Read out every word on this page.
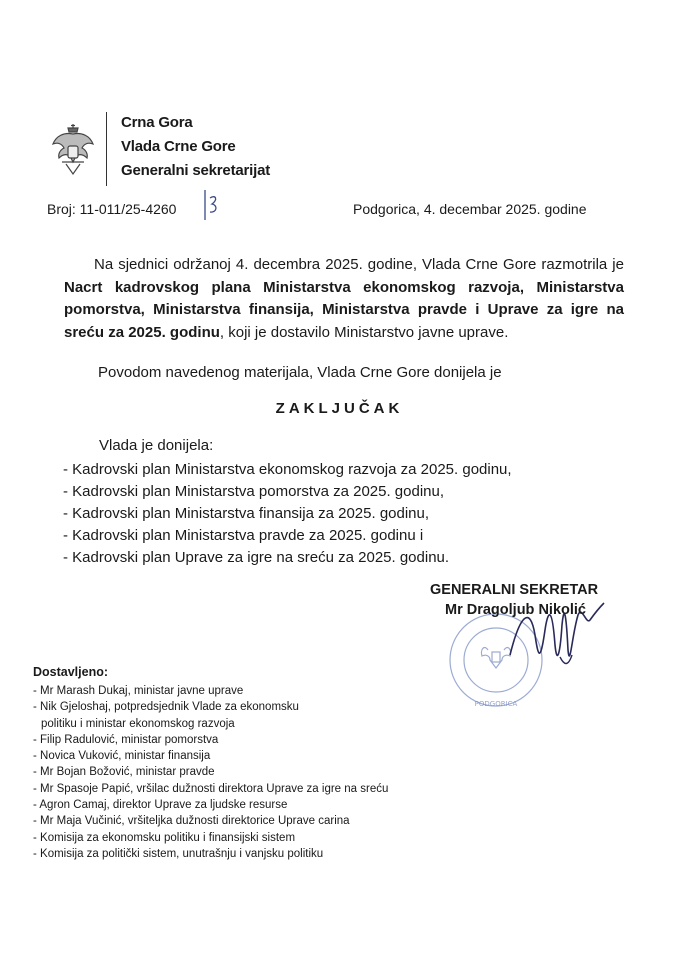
Crna Gora
Vlada Crne Gore
Generalni sekretarijat
Broj: 11-011/25-4260	Podgorica, 4. decembar 2025. godine
Na sjednici održanoj 4. decembra 2025. godine, Vlada Crne Gore razmotrila je Nacrt kadrovskog plana Ministarstva ekonomskog razvoja, Ministarstva pomorstva, Ministarstva finansija, Ministarstva pravde i Uprave za igre na sreću za 2025. godinu, koji je dostavilo Ministarstvo javne uprave.
Povodom navedenog materijala, Vlada Crne Gore donijela je
ZAKLJUČAK
Vlada je donijela:
- Kadrovski plan Ministarstva ekonomskog razvoja za 2025. godinu,
- Kadrovski plan Ministarstva pomorstva za 2025. godinu,
- Kadrovski plan Ministarstva finansija za 2025. godinu,
- Kadrovski plan Ministarstva pravde za 2025. godinu i
- Kadrovski plan Uprave za igre na sreću za 2025. godinu.
PODGORICA
GENERALNI SEKRETAR
Mr Dragoljub Nikolić
Dostavljeno:
- Mr Marash Dukaj, ministar javne uprave
- Nik Gjeloshaj, potpredsjednik Vlade za ekonomsku
politiku i ministar ekonomskog razvoja
- Filip Radulović, ministar pomorstva
- Novica Vuković, ministar finansija
- Mr Bojan Božović, ministar pravde
- Mr Spasoje Papić, vršilac dužnosti direktora Uprave za igre na sreću
- Agron Camaj, direktor Uprave za ljudske resurse
- Mr Maja Vučinić, vršiteljka dužnosti direktorice Uprave carina
- Komisija za ekonomsku politiku i finansijski sistem
- Komisija za politički sistem, unutrašnju i vanjsku politiku
